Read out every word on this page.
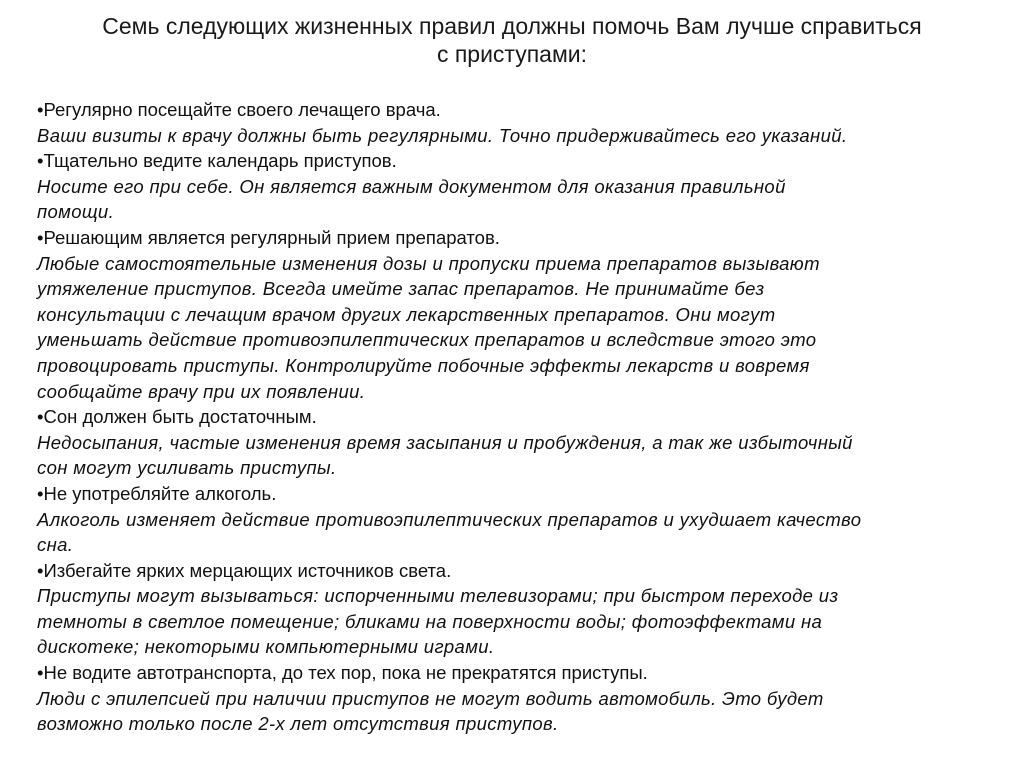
Семь следующих жизненных правил должны помочь Вам лучше справиться
с приступами:

•Регулярно посещайте своего лечащего врача.

Ваши визиты к врачу должны быть регулярными. Точно придерживайтесь его указаний.

•Тщательно ведите календарь приступов.

Носите его при себе. Он является важным документом для оказания правильной
помощи.

•Решающим является регулярный прием препаратов.

Любые самостоятельные изменения дозы и пропуски приема препаратов вызывают
утяжеление приступов. Всегда имейте запас препаратов. Не принимайте без
консультации с лечащим врачом других лекарственных препаратов. Они могут
уменьшать действие противоэпилептических препаратов и вследствие этого это
провоцировать приступы. Контролируйте побочные эффекты лекарств и вовремя
сообщайте врачу при их появлении.

•Сон должен быть достаточным.

Недосыпания, частые изменения время засыпания и пробуждения, а так же избыточный
сон могут усиливать приступы.

•Не употребляйте алкоголь.

Алкоголь изменяет действие противоэпилептических препаратов и ухудшает качество
сна.

•Избегайте ярких мерцающих источников света.

Приступы могут вызываться: испорченными телевизорами; при быстром переходе из
темноты в светлое помещение; бликами на поверхности воды; фотоэффектами на
дискотеке; некоторыми компьютерными играми.

•Не водите автотранспорта, до тех пор, пока не прекратятся приступы.

Люди с эпилепсией при наличии приступов не могут водить автомобиль. Это будет
возможно только после 2-х лет отсутствия приступов.
